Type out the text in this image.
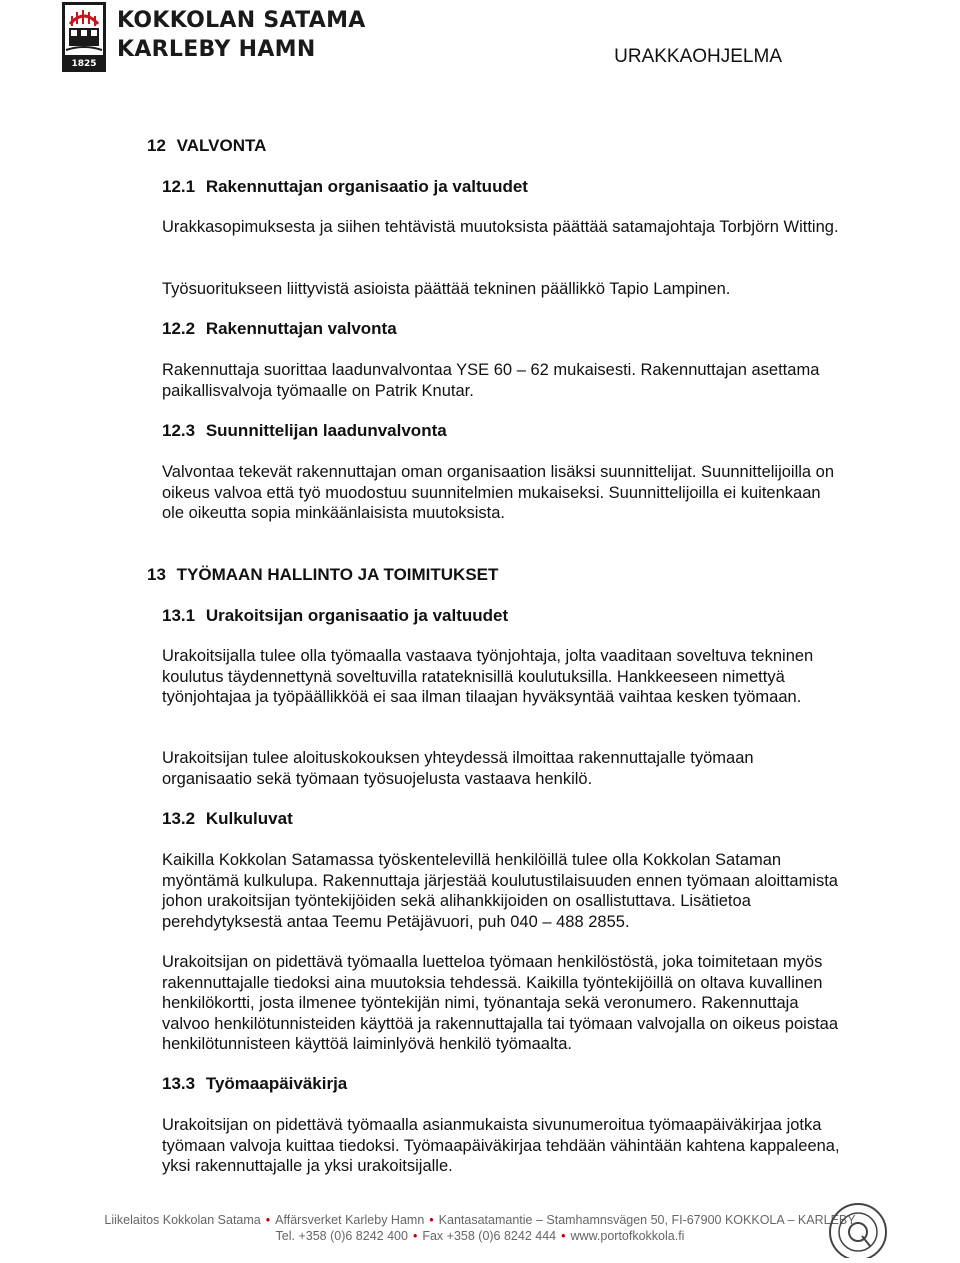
1825
KOKKOLAN SATAMA
KARLEBY HAMN	URAKKAOHJELMA
12 VALVONTA
12.1 Rakennuttajan organisaatio ja valtuudet
Urakkasopimuksesta ja siihen tehtävistä muutoksista päättää satamajohtaja Torbjörn Witting.
Työsuoritukseen liittyvistä asioista päättää tekninen päällikkö Tapio Lampinen.
12.2 Rakennuttajan valvonta
Rakennuttaja suorittaa laadunvalvontaa YSE 60 – 62 mukaisesti. Rakennuttajan asettama paikallisvalvoja työmaalle on Patrik Knutar.
12.3 Suunnittelijan laadunvalvonta
Valvontaa tekevät rakennuttajan oman organisaation lisäksi suunnittelijat. Suunnittelijoilla on oikeus valvoa että työ muodostuu suunnitelmien mukaiseksi. Suunnittelijoilla ei kuitenkaan ole oikeutta sopia minkäänlaisista muutoksista.
13 TYÖMAAN HALLINTO JA TOIMITUKSET
13.1 Urakoitsijan organisaatio ja valtuudet
Urakoitsijalla tulee olla työmaalla vastaava työnjohtaja, jolta vaaditaan soveltuva tekninen koulutus täydennettynä soveltuvilla ratateknisillä koulutuksilla. Hankkeeseen nimettyä työnjohtajaa ja työpäällikköä ei saa ilman tilaajan hyväksyntää vaihtaa kesken työmaan.
Urakoitsijan tulee aloituskokouksen yhteydessä ilmoittaa rakennuttajalle työmaan organisaatio sekä työmaan työsuojelusta vastaava henkilö.
13.2 Kulkuluvat
Kaikilla Kokkolan Satamassa työskentelevillä henkilöillä tulee olla Kokkolan Sataman myöntämä kulkulupa. Rakennuttaja järjestää koulutustilaisuuden ennen työmaan aloittamista johon urakoitsijan työntekijöiden sekä alihankkijoiden on osallistuttava. Lisätietoa perehdytyksestä antaa Teemu Petäjävuori, puh 040 – 488 2855.
Urakoitsijan on pidettävä työmaalla luetteloa työmaan henkilöstöstä, joka toimitetaan myös rakennuttajalle tiedoksi aina muutoksia tehdessä. Kaikilla työntekijöillä on oltava kuvallinen henkilökortti, josta ilmenee työntekijän nimi, työnantaja sekä veronumero. Rakennuttaja valvoo henkilötunnisteiden käyttöä ja rakennuttajalla tai työmaan valvojalla on oikeus poistaa henkilötunnisteen käyttöä laiminlyövä henkilö työmaalta.
13.3 Työmaapäiväkirja
Urakoitsijan on pidettävä työmaalla asianmukaista sivunumeroitua työmaapäiväkirjaa jotka työmaan valvoja kuittaa tiedoksi. Työmaapäiväkirjaa tehdään vähintään kahtena kappaleena, yksi rakennuttajalle ja yksi urakoitsijalle.
Liikelaitos Kokkolan Satama • Affärsverket Karleby Hamn • Kantasatamantie – Stamhamnsvägen 50, FI-67900 KOKKOLA – KARLEBY
Tel. +358 (0)6 8242 400 • Fax +358 (0)6 8242 444 • www.portofkokkola.fi
